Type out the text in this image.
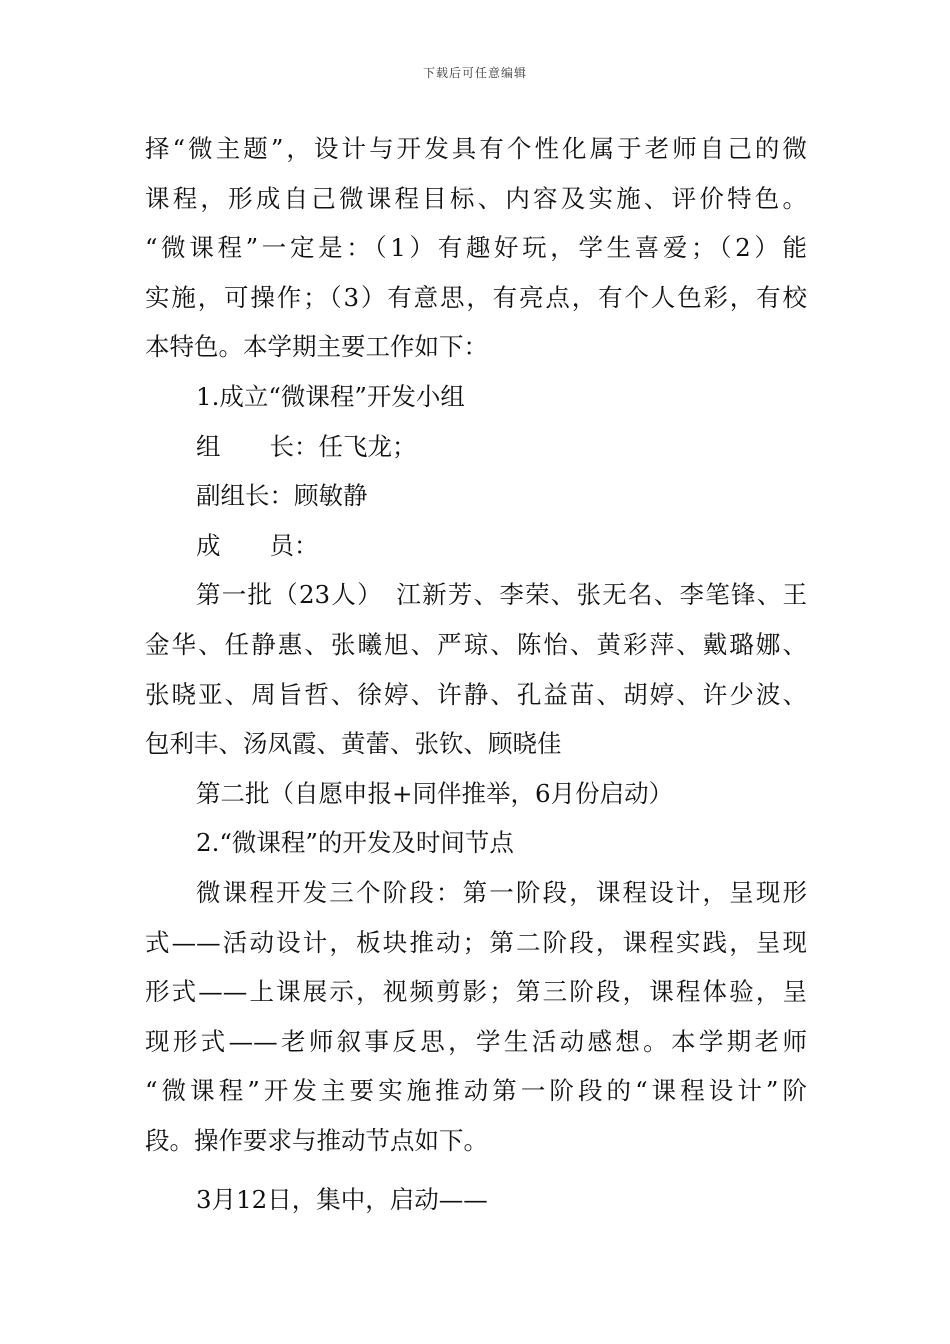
下载后可任意编辑
择“微主题”，设计与开发具有个性化属于老师自己的微
课程，形成自己微课程目标、内容及实施、评价特色。
“微课程”一定是：（1）有趣好玩，学生喜爱；（2）能
实施，可操作；（3）有意思，有亮点，有个人色彩，有校
本特色。本学期主要工作如下：
1.成立“微课程”开发小组
组　　长：任飞龙；
副组长：顾敏静
成　　员：
第一批（23人）　江新芳、李荣、张无名、李笔锋、王
金华、任静惠、张曦旭、严琼、陈怡、黄彩萍、戴璐娜、
张晓亚、周旨哲、徐婷、许静、孔益苗、胡婷、许少波、
包利丰、汤凤霞、黄蕾、张钦、顾晓佳
第二批（自愿申报+同伴推举，6月份启动）
2.“微课程”的开发及时间节点
微课程开发三个阶段：第一阶段，课程设计，呈现形
式——活动设计，板块推动；第二阶段，课程实践，呈现
形式——上课展示，视频剪影；第三阶段，课程体验，呈
现形式——老师叙事反思，学生活动感想。本学期老师
“微课程”开发主要实施推动第一阶段的“课程设计”阶
段。操作要求与推动节点如下。
3月12日，集中，启动——
